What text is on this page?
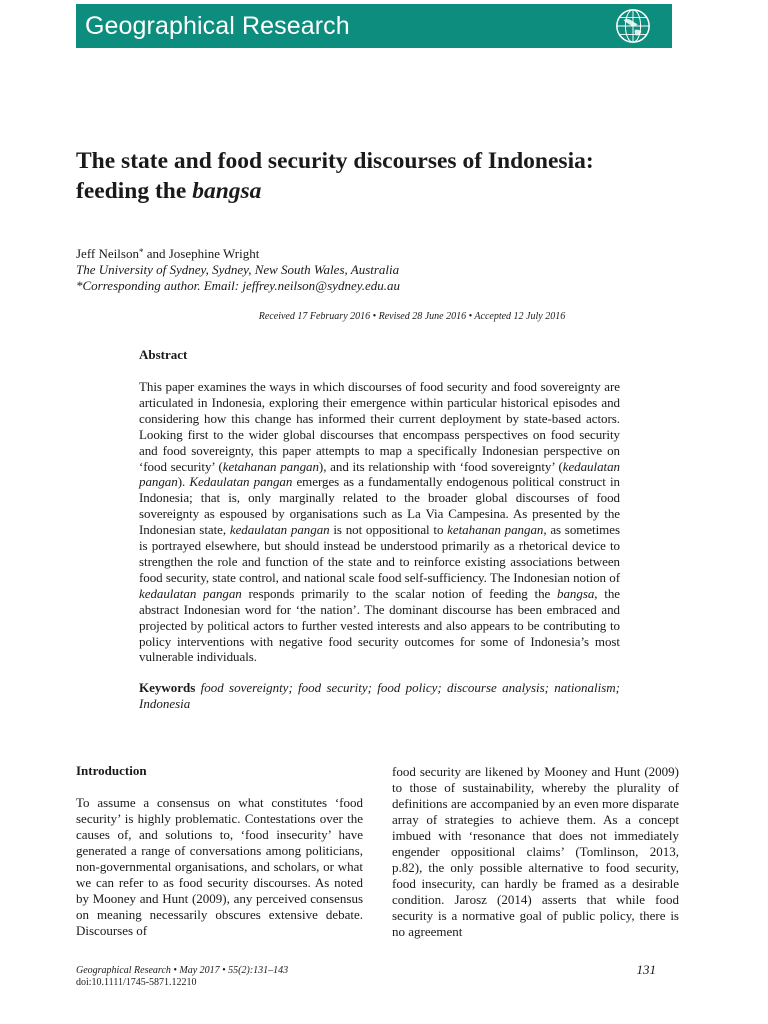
Geographical Research
The state and food security discourses of Indonesia:
feeding the bangsa
Jeff Neilson* and Josephine Wright
The University of Sydney, Sydney, New South Wales, Australia
*Corresponding author. Email: jeffrey.neilson@sydney.edu.au
Received 17 February 2016 • Revised 28 June 2016 • Accepted 12 July 2016
Abstract

This paper examines the ways in which discourses of food security and food sovereignty are articulated in Indonesia, exploring their emergence within particular historical episodes and considering how this change has informed their current deployment by state-based actors. Looking first to the wider global discourses that encompass perspectives on food security and food sovereignty, this paper attempts to map a specifically Indonesian perspective on ‘food security’ (ketahanan pangan), and its relationship with ‘food sovereignty’ (kedaulatan pangan). Kedaulatan pangan emerges as a fundamentally endogenous political construct in Indonesia; that is, only marginally related to the broader global discourses of food sovereignty as espoused by organisations such as La Via Campesina. As presented by the Indonesian state, kedaulatan pangan is not oppositional to ketahanan pangan, as sometimes is portrayed elsewhere, but should instead be understood primarily as a rhetorical device to strengthen the role and function of the state and to reinforce existing associations between food security, state control, and national scale food self-sufficiency. The Indonesian notion of kedaulatan pangan responds primarily to the scalar notion of feeding the bangsa, the abstract Indonesian word for ‘the nation’. The dominant discourse has been embraced and projected by political actors to further vested interests and also appears to be contributing to policy interventions with negative food security outcomes for some of Indonesia’s most vulnerable individuals.

Keywords food sovereignty; food security; food policy; discourse analysis; nationalism; Indonesia
Introduction
To assume a consensus on what constitutes ‘food security’ is highly problematic. Contestations over the causes of, and solutions to, ‘food insecurity’ have generated a range of conversations among politicians, non-governmental organisations, and scholars, or what we can refer to as food security discourses. As noted by Mooney and Hunt (2009), any perceived consensus on meaning necessarily obscures extensive debate. Discourses of
food security are likened by Mooney and Hunt (2009) to those of sustainability, whereby the plurality of definitions are accompanied by an even more disparate array of strategies to achieve them. As a concept imbued with ‘resonance that does not immediately engender oppositional claims’ (Tomlinson, 2013, p.82), the only possible alternative to food security, food insecurity, can hardly be framed as a desirable condition. Jarosz (2014) asserts that while food security is a normative goal of public policy, there is no agreement
Geographical Research • May 2017 • 55(2):131–143
doi:10.1111/1745-5871.12210
131
